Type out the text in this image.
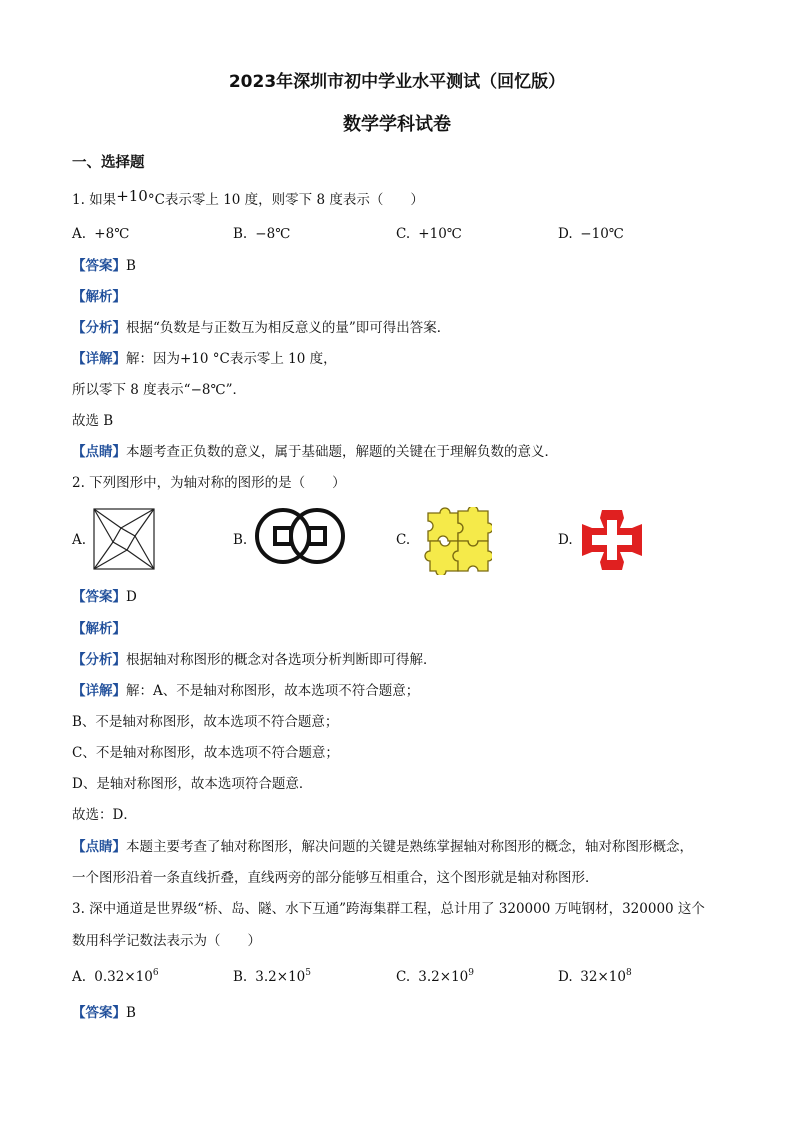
2023年深圳市初中学业水平测试（回忆版）
数学学科试卷
一、选择题
1. 如果+10°C表示零上 10 度，则零下 8 度表示（　　）
A. +8℃	B. −8℃	C. +10℃	D. −10℃
【答案】B
【解析】
【分析】根据“负数是与正数互为相反意义的量”即可得出答案．
【详解】解：因为+10 °C表示零上 10 度，
所以零下 8 度表示“−8℃”．
故选 B
【点睛】本题考查正负数的意义，属于基础题，解题的关键在于理解负数的意义．
2. 下列图形中，为轴对称的图形的是（　　）
A.	B.	C.	D.
【答案】D
【解析】
【分析】根据轴对称图形的概念对各选项分析判断即可得解．
【详解】解：A、不是轴对称图形，故本选项不符合题意；
B、不是轴对称图形，故本选项不符合题意；
C、不是轴对称图形，故本选项不符合题意；
D、是轴对称图形，故本选项符合题意．
故选：D．
【点睛】本题主要考查了轴对称图形，解决问题的关键是熟练掌握轴对称图形的概念，轴对称图形概念，
一个图形沿着一条直线折叠，直线两旁的部分能够互相重合，这个图形就是轴对称图形．
3. 深中通道是世界级“桥、岛、隧、水下互通”跨海集群工程，总计用了 320000 万吨钢材，320000 这个
数用科学记数法表示为（　　）
A. $0.32\times 10^6$	B. $3.2\times 10^5$	C. $3.2\times 10^9$	D. $32\times 10^8$
【答案】B
